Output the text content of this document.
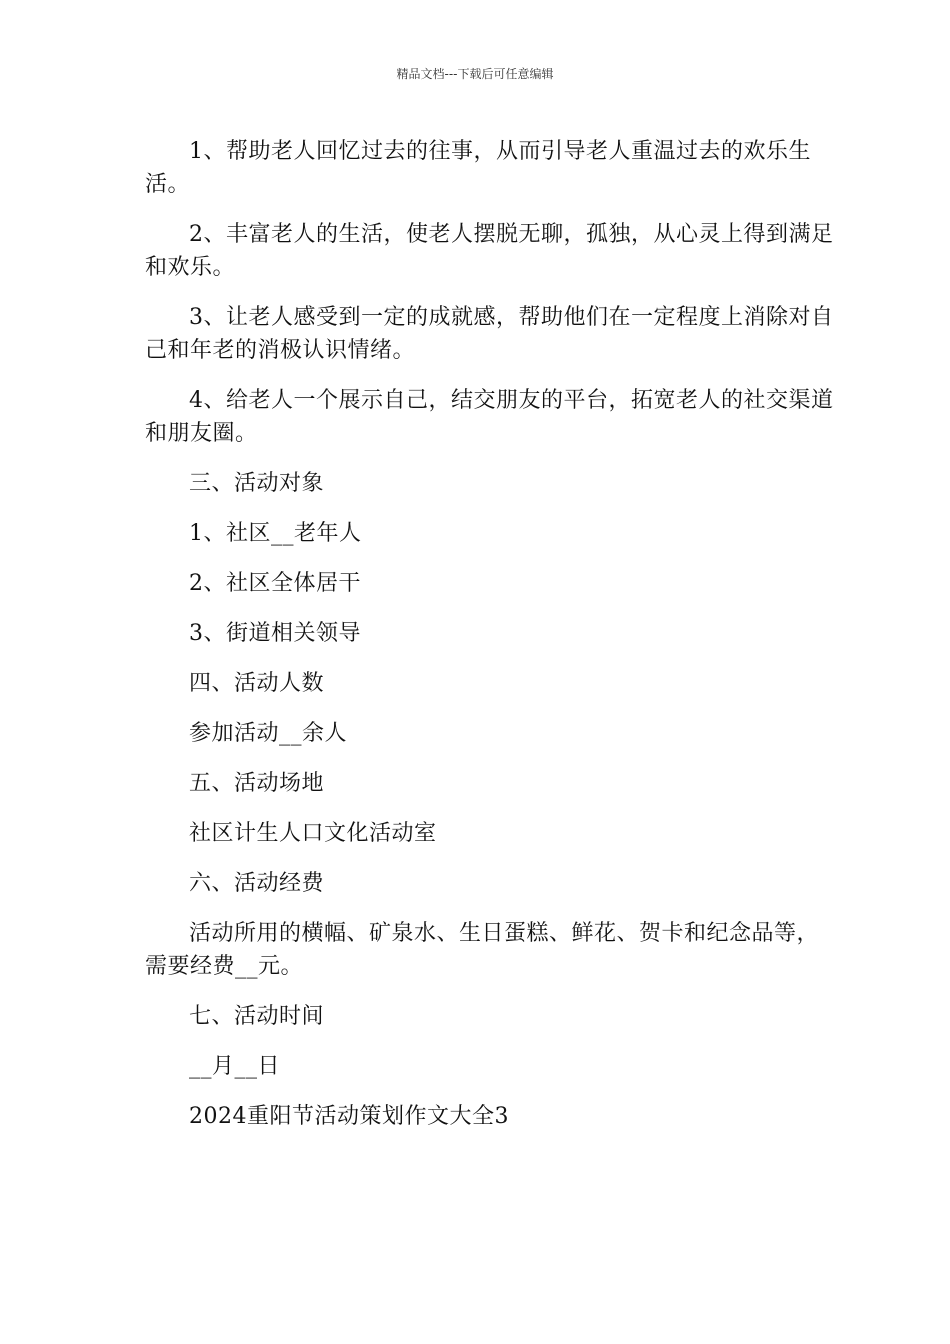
精品文档---下载后可任意编辑

1、帮助老人回忆过去的往事，从而引导老人重温过去的欢乐生活。

2、丰富老人的生活，使老人摆脱无聊，孤独，从心灵上得到满足和欢乐。

3、让老人感受到一定的成就感，帮助他们在一定程度上消除对自己和年老的消极认识情绪。

4、给老人一个展示自己，结交朋友的平台，拓宽老人的社交渠道和朋友圈。

三、活动对象

1、社区__老年人

2、社区全体居干

3、街道相关领导

四、活动人数

参加活动__余人

五、活动场地

社区计生人口文化活动室

六、活动经费

活动所用的横幅、矿泉水、生日蛋糕、鲜花、贺卡和纪念品等，需要经费__元。

七、活动时间

__月__日

2024重阳节活动策划作文大全3
